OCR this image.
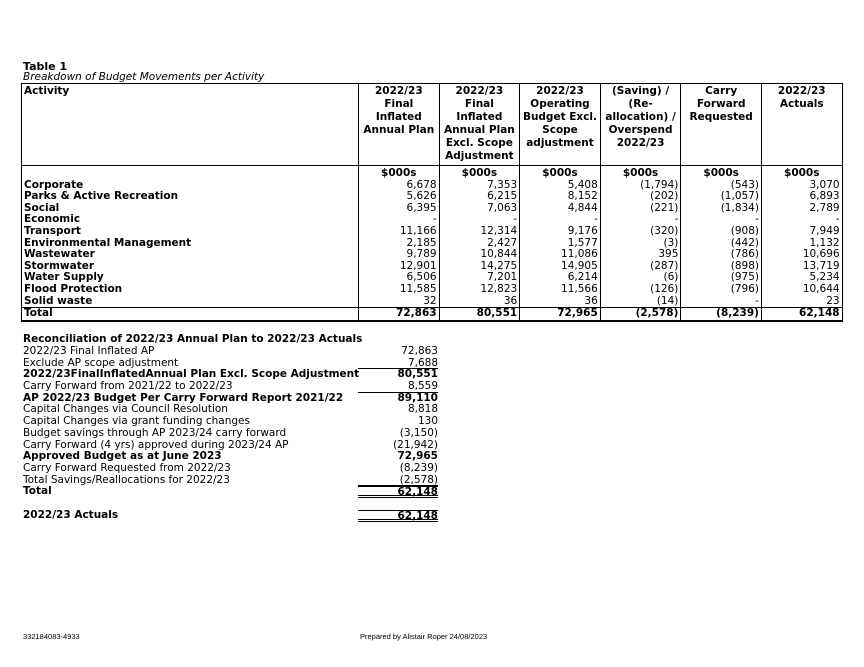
Table 1
Breakdown of Budget Movements per Activity
Activity	2022/23 Final Inflated Annual Plan	2022/23 Final Inflated Annual Plan Excl. Scope Adjustment	2022/23 Operating Budget Excl. Scope adjustment	(Saving) / (Re-allocation) / Overspend 2022/23	Carry Forward Requested	2022/23 Actuals
	$000s	$000s	$000s	$000s	$000s	$000s
Corporate	6,678	7,353	5,408	(1,794)	(543)	3,070
Parks & Active Recreation	5,626	6,215	8,152	(202)	(1,057)	6,893
Social	6,395	7,063	4,844	(221)	(1,834)	2,789
Economic	-	-	-	-	-	-
Transport	11,166	12,314	9,176	(320)	(908)	7,949
Environmental Management	2,185	2,427	1,577	(3)	(442)	1,132
Wastewater	9,789	10,844	11,086	395	(786)	10,696
Stormwater	12,901	14,275	14,905	(287)	(898)	13,719
Water Supply	6,506	7,201	6,214	(6)	(975)	5,234
Flood Protection	11,585	12,823	11,566	(126)	(796)	10,644
Solid waste	32	36	36	(14)	-	23
Total	72,863	80,551	72,965	(2,578)	(8,239)	62,148
Reconciliation of 2022/23 Annual Plan to 2022/23 Actuals
2022/23 Final Inflated AP	72,863
Exclude AP scope adjustment	7,688
2022/23FinalInflatedAnnual Plan Excl. Scope Adjustment	80,551
Carry Forward from 2021/22 to 2022/23	8,559
AP 2022/23 Budget Per Carry Forward Report 2021/22	89,110
Capital Changes via Council Resolution	8,818
Capital Changes via grant funding changes	130
Budget savings through AP 2023/24 carry forward	(3,150)
Carry Forward (4 yrs) approved during 2023/24 AP	(21,942)
Approved Budget as at June 2023	72,965
Carry Forward Requested from 2022/23	(8,239)
Total Savings/Reallocations for 2022/23	(2,578)
Total	62,148
2022/23 Actuals	62,148
332184083-4933	Prepared by Alistair Roper 24/08/2023
